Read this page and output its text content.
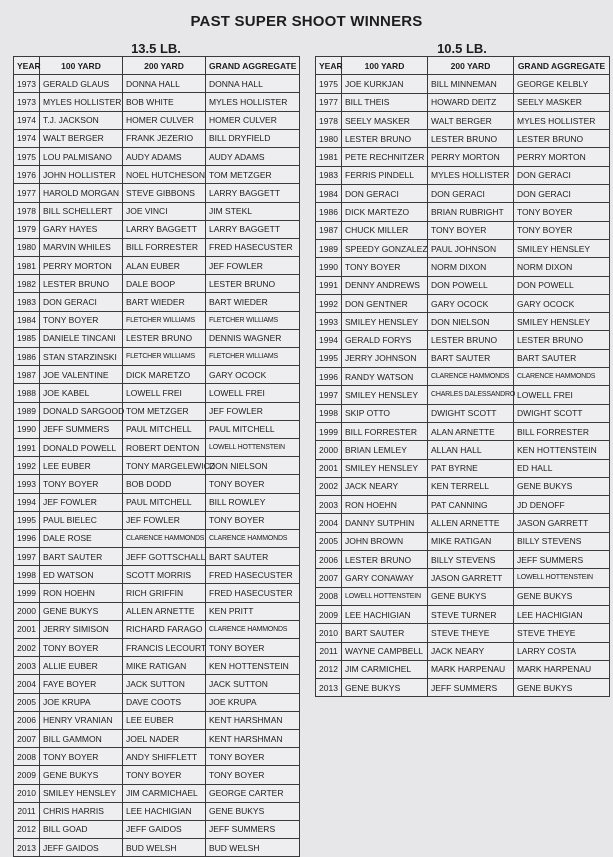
PAST SUPER SHOOT WINNERS
13.5 LB.	10.5 LB.
YEAR	100 YARD	200 YARD	GRAND AGGREGATE
1973	GERALD GLAUS	DONNA HALL	DONNA HALL
1973	MYLES HOLLISTER	BOB WHITE	MYLES HOLLISTER
1974	T.J. JACKSON	HOMER CULVER	HOMER CULVER
1974	WALT BERGER	FRANK JEZERIO	BILL DRYFIELD
1975	LOU PALMISANO	AUDY ADAMS	AUDY ADAMS
1976	JOHN HOLLISTER	NOEL HUTCHESON	TOM METZGER
1977	HAROLD MORGAN	STEVE GIBBONS	LARRY BAGGETT
1978	BILL SCHELLERT	JOE VINCI	JIM STEKL
1979	GARY HAYES	LARRY BAGGETT	LARRY BAGGETT
1980	MARVIN WHILES	BILL FORRESTER	FRED HASECUSTER
1981	PERRY MORTON	ALAN EUBER	JEF FOWLER
1982	LESTER BRUNO	DALE BOOP	LESTER BRUNO
1983	DON GERACI	BART WIEDER	BART WIEDER
1984	TONY BOYER	FLETCHER WILLIAMS	FLETCHER WILLIAMS
1985	DANIELE TINCANI	LESTER BRUNO	DENNIS WAGNER
1986	STAN STARZINSKI	FLETCHER WILLIAMS	FLETCHER WILLIAMS
1987	JOE VALENTINE	DICK MARETZO	GARY OCOCK
1988	JOE KABEL	LOWELL FREI	LOWELL FREI
1989	DONALD SARGOOD	TOM METZGER	JEF FOWLER
1990	JEFF SUMMERS	PAUL MITCHELL	PAUL MITCHELL
1991	DONALD POWELL	ROBERT DENTON	LOWELL HOTTENSTEIN
1992	LEE EUBER	TONY MARGELEWICZ	DON NIELSON
1993	TONY BOYER	BOB DODD	TONY BOYER
1994	JEF FOWLER	PAUL MITCHELL	BILL ROWLEY
1995	PAUL BIELEC	JEF FOWLER	TONY BOYER
1996	DALE ROSE	CLARENCE HAMMONDS	CLARENCE HAMMONDS
1997	BART SAUTER	JEFF GOTTSCHALL	BART SAUTER
1998	ED WATSON	SCOTT MORRIS	FRED HASECUSTER
1999	RON HOEHN	RICH GRIFFIN	FRED HASECUSTER
2000	GENE BUKYS	ALLEN ARNETTE	KEN PRITT
2001	JERRY SIMISON	RICHARD FARAGO	CLARENCE HAMMONDS
2002	TONY BOYER	FRANCIS LECOURT	TONY BOYER
2003	ALLIE EUBER	MIKE RATIGAN	KEN HOTTENSTEIN
2004	FAYE BOYER	JACK SUTTON	JACK SUTTON
2005	JOE KRUPA	DAVE COOTS	JOE KRUPA
2006	HENRY VRANIAN	LEE EUBER	KENT HARSHMAN
2007	BILL GAMMON	JOEL NADER	KENT HARSHMAN
2008	TONY BOYER	ANDY SHIFFLETT	TONY BOYER
2009	GENE BUKYS	TONY BOYER	TONY BOYER
2010	SMILEY HENSLEY	JIM CARMICHAEL	GEORGE CARTER
2011	CHRIS HARRIS	LEE HACHIGIAN	GENE BUKYS
2012	BILL GOAD	JEFF GAIDOS	JEFF SUMMERS
2013	JEFF GAIDOS	BUD WELSH	BUD WELSH
YEAR	100 YARD	200 YARD	GRAND AGGREGATE
1975	JOE KURKJAN	BILL MINNEMAN	GEORGE KELBLY
1977	BILL THEIS	HOWARD DEITZ	SEELY MASKER
1978	SEELY MASKER	WALT BERGER	MYLES HOLLISTER
1980	LESTER BRUNO	LESTER BRUNO	LESTER BRUNO
1981	PETE RECHNITZER	PERRY MORTON	PERRY MORTON
1983	FERRIS PINDELL	MYLES HOLLISTER	DON GERACI
1984	DON GERACI	DON GERACI	DON GERACI
1986	DICK MARTEZO	BRIAN RUBRIGHT	TONY BOYER
1987	CHUCK MILLER	TONY BOYER	TONY BOYER
1989	SPEEDY GONZALEZ	PAUL JOHNSON	SMILEY HENSLEY
1990	TONY BOYER	NORM DIXON	NORM DIXON
1991	DENNY ANDREWS	DON POWELL	DON POWELL
1992	DON GENTNER	GARY OCOCK	GARY OCOCK
1993	SMILEY HENSLEY	DON NIELSON	SMILEY HENSLEY
1994	GERALD FORYS	LESTER BRUNO	LESTER BRUNO
1995	JERRY JOHNSON	BART SAUTER	BART SAUTER
1996	RANDY WATSON	CLARENCE HAMMONDS	CLARENCE HAMMONDS
1997	SMILEY HENSLEY	CHARLES DALESSANDRO	LOWELL FREI
1998	SKIP OTTO	DWIGHT SCOTT	DWIGHT SCOTT
1999	BILL FORRESTER	ALAN ARNETTE	BILL FORRESTER
2000	BRIAN LEMLEY	ALLAN HALL	KEN HOTTENSTEIN
2001	SMILEY HENSLEY	PAT BYRNE	ED HALL
2002	JACK NEARY	KEN TERRELL	GENE BUKYS
2003	RON HOEHN	PAT CANNING	JD DENOFF
2004	DANNY SUTPHIN	ALLEN ARNETTE	JASON GARRETT
2005	JOHN BROWN	MIKE RATIGAN	BILLY STEVENS
2006	LESTER BRUNO	BILLY STEVENS	JEFF SUMMERS
2007	GARY CONAWAY	JASON GARRETT	LOWELL HOTTENSTEIN
2008	LOWELL HOTTENSTEIN	GENE BUKYS	GENE BUKYS
2009	LEE HACHIGIAN	STEVE TURNER	LEE HACHIGIAN
2010	BART SAUTER	STEVE THEYE	STEVE THEYE
2011	WAYNE CAMPBELL	JACK NEARY	LARRY COSTA
2012	JIM CARMICHEL	MARK HARPENAU	MARK HARPENAU
2013	GENE BUKYS	JEFF SUMMERS	GENE BUKYS
